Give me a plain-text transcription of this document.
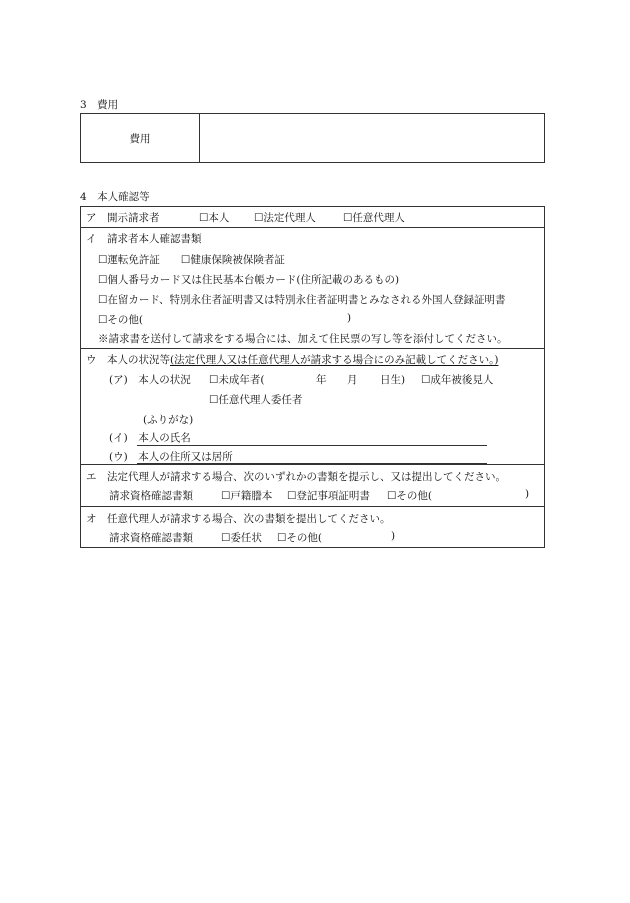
3　費用
費用
4　本人確認等
ア　開示請求者	☐本人 ☐法定代理人	☐任意代理人
イ　請求者本人確認書類
☐運転免許証　　☐健康保険被保険者証
☐個人番号カード又は住民基本台帳カード(住所記載のあるもの)
☐在留カード、特別永住者証明書又は特別永住者証明書とみなされる外国人登録証明書
☐その他(	)
※請求書を送付して請求をする場合には、加えて住民票の写し等を添付してください。
ウ　本人の状況等(法定代理人又は任意代理人が請求する場合にのみ記載してください。)
(ア)　本人の状況 ☐未成年者(	年 月 日生) ☐成年被後見人
☐任意代理人委任者
(ふりがな)
(イ)　本人の氏名
(ウ)　本人の住所又は居所
エ　法定代理人が請求する場合、次のいずれかの書類を提示し、又は提出してください。
請求資格確認書類	☐戸籍謄本 ☐登記事項証明書 ☐その他(	)
オ　任意代理人が請求する場合、次の書類を提出してください。
請求資格確認書類	☐委任状 ☐その他(	)
